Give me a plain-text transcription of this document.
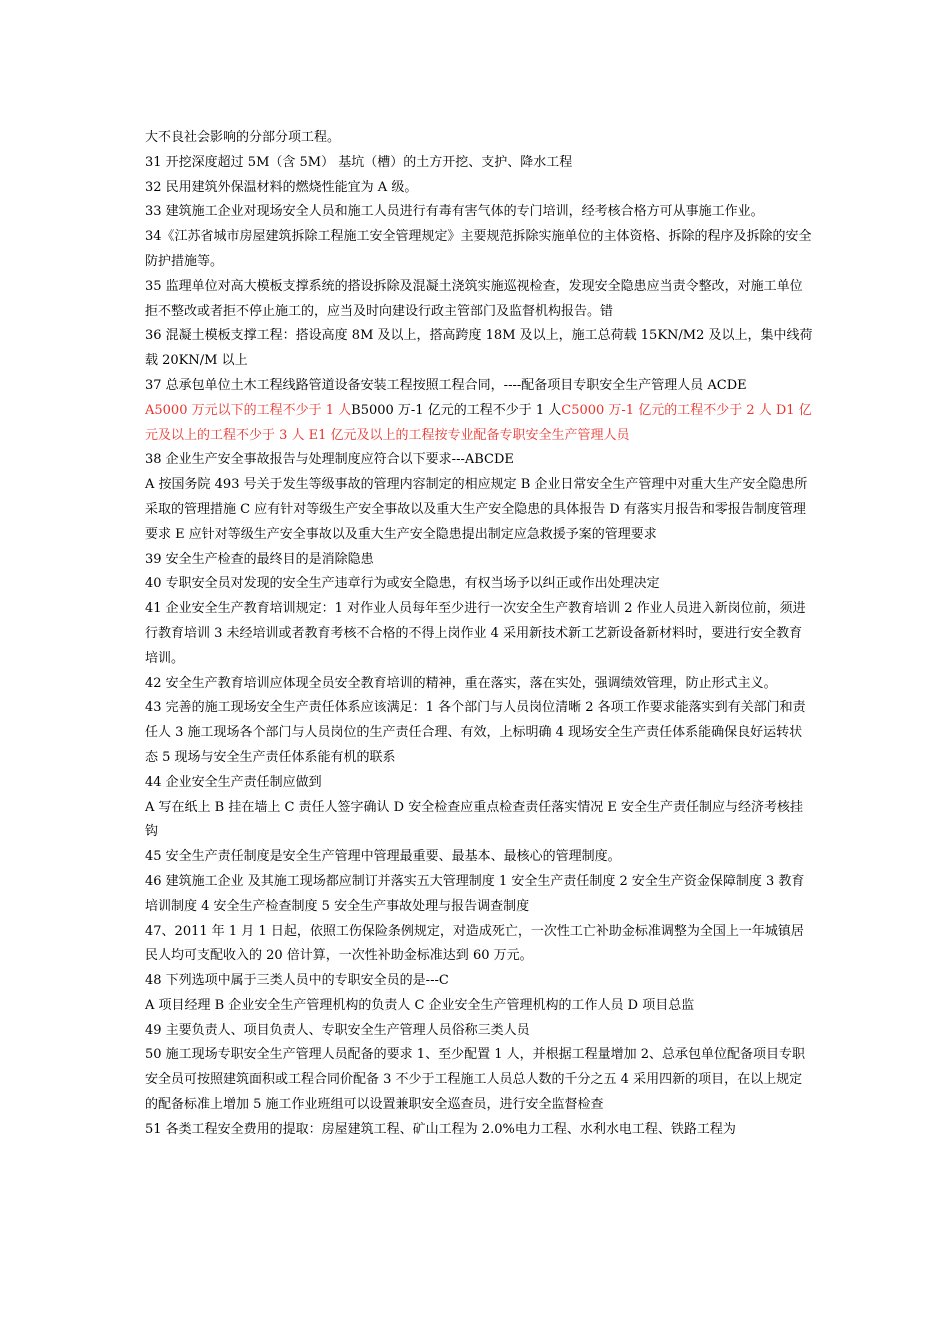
大不良社会影响的分部分项工程。

31 开挖深度超过 5M（含 5M） 基坑（槽）的土方开挖、支护、降水工程

32 民用建筑外保温材料的燃烧性能宜为 A 级。

33 建筑施工企业对现场安全人员和施工人员进行有毒有害气体的专门培训，经考核合格方可从事施工作业。

34《江苏省城市房屋建筑拆除工程施工安全管理规定》主要规范拆除实施单位的主体资格、拆除的程序及拆除的安全防护措施等。

35 监理单位对高大模板支撑系统的搭设拆除及混凝土浇筑实施巡视检查，发现安全隐患应当责令整改，对施工单位拒不整改或者拒不停止施工的，应当及时向建设行政主管部门及监督机构报告。错

36 混凝土模板支撑工程：搭设高度 8M 及以上，搭高跨度 18M 及以上，施工总荷载 15KN/M2 及以上，集中线荷载 20KN/M 以上

37 总承包单位土木工程线路管道设备安装工程按照工程合同，----配备项目专职安全生产管理人员 ACDE

A5000 万元以下的工程不少于 1 人B5000 万-1 亿元的工程不少于 1 人C5000 万-1 亿元的工程不少于 2 人 D1 亿元及以上的工程不少于 3 人 E1 亿元及以上的工程按专业配备专职安全生产管理人员

38 企业生产安全事故报告与处理制度应符合以下要求---ABCDE

A 按国务院 493 号关于发生等级事故的管理内容制定的相应规定 B 企业日常安全生产管理中对重大生产安全隐患所采取的管理措施 C 应有针对等级生产安全事故以及重大生产安全隐患的具体报告 D 有落实月报告和零报告制度管理要求 E 应针对等级生产安全事故以及重大生产安全隐患提出制定应急救援予案的管理要求

39 安全生产检查的最终目的是消除隐患

40 专职安全员对发现的安全生产违章行为或安全隐患，有权当场予以纠正或作出处理决定

41 企业安全生产教育培训规定：1 对作业人员每年至少进行一次安全生产教育培训 2 作业人员进入新岗位前，须进行教育培训 3 未经培训或者教育考核不合格的不得上岗作业 4 采用新技术新工艺新设备新材料时，要进行安全教育培训。

42 安全生产教育培训应体现全员安全教育培训的精神，重在落实，落在实处，强调绩效管理，防止形式主义。

43 完善的施工现场安全生产责任体系应该满足：1 各个部门与人员岗位清晰 2 各项工作要求能落实到有关部门和责任人 3 施工现场各个部门与人员岗位的生产责任合理、有效，上标明确 4 现场安全生产责任体系能确保良好运转状态 5 现场与安全生产责任体系能有机的联系

44 企业安全生产责任制应做到

A 写在纸上 B 挂在墙上 C 责任人签字确认 D 安全检查应重点检查责任落实情况 E 安全生产责任制应与经济考核挂钩

45 安全生产责任制度是安全生产管理中管理最重要、最基本、最核心的管理制度。

46 建筑施工企业 及其施工现场都应制订并落实五大管理制度 1 安全生产责任制度 2 安全生产资金保障制度 3 教育培训制度 4 安全生产检查制度 5 安全生产事故处理与报告调查制度

47、2011 年 1 月 1 日起，依照工伤保险条例规定，对造成死亡，一次性工亡补助金标准调整为全国上一年城镇居民人均可支配收入的 20 倍计算，一次性补助金标准达到 60 万元。

48 下列选项中属于三类人员中的专职安全员的是---C

A 项目经理 B 企业安全生产管理机构的负责人 C 企业安全生产管理机构的工作人员 D 项目总监

49 主要负责人、项目负责人、专职安全生产管理人员俗称三类人员

50 施工现场专职安全生产管理人员配备的要求 1、至少配置 1 人，并根据工程量增加 2、总承包单位配备项目专职安全员可按照建筑面积或工程合同价配备 3 不少于工程施工人员总人数的千分之五 4 采用四新的项目，在以上规定的配备标准上增加 5 施工作业班组可以设置兼职安全巡查员，进行安全监督检查

51 各类工程安全费用的提取：房屋建筑工程、矿山工程为 2.0%电力工程、水利水电工程、铁路工程为
